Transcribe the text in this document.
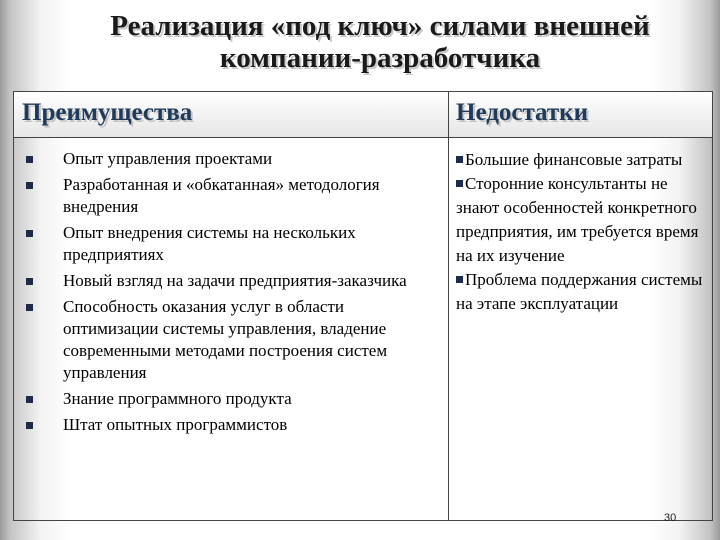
Реализация «под ключ» силами внешней
компании-разработчика
Преимущества	Недостатки
Опыт управления проектами
Разработанная и «обкатанная» методология внедрения
Опыт внедрения системы на нескольких предприятиях
Новый взгляд на задачи предприятия-заказчика
Способность оказания услуг в области оптимизации системы управления, владение современными методами построения систем управления
Знание программного продукта
Штат опытных программистов
Большие финансовые затраты
Сторонние консультанты не знают особенностей конкретного предприятия, им требуется время на их изучение
Проблема поддержания системы на этапе эксплуатации
30
